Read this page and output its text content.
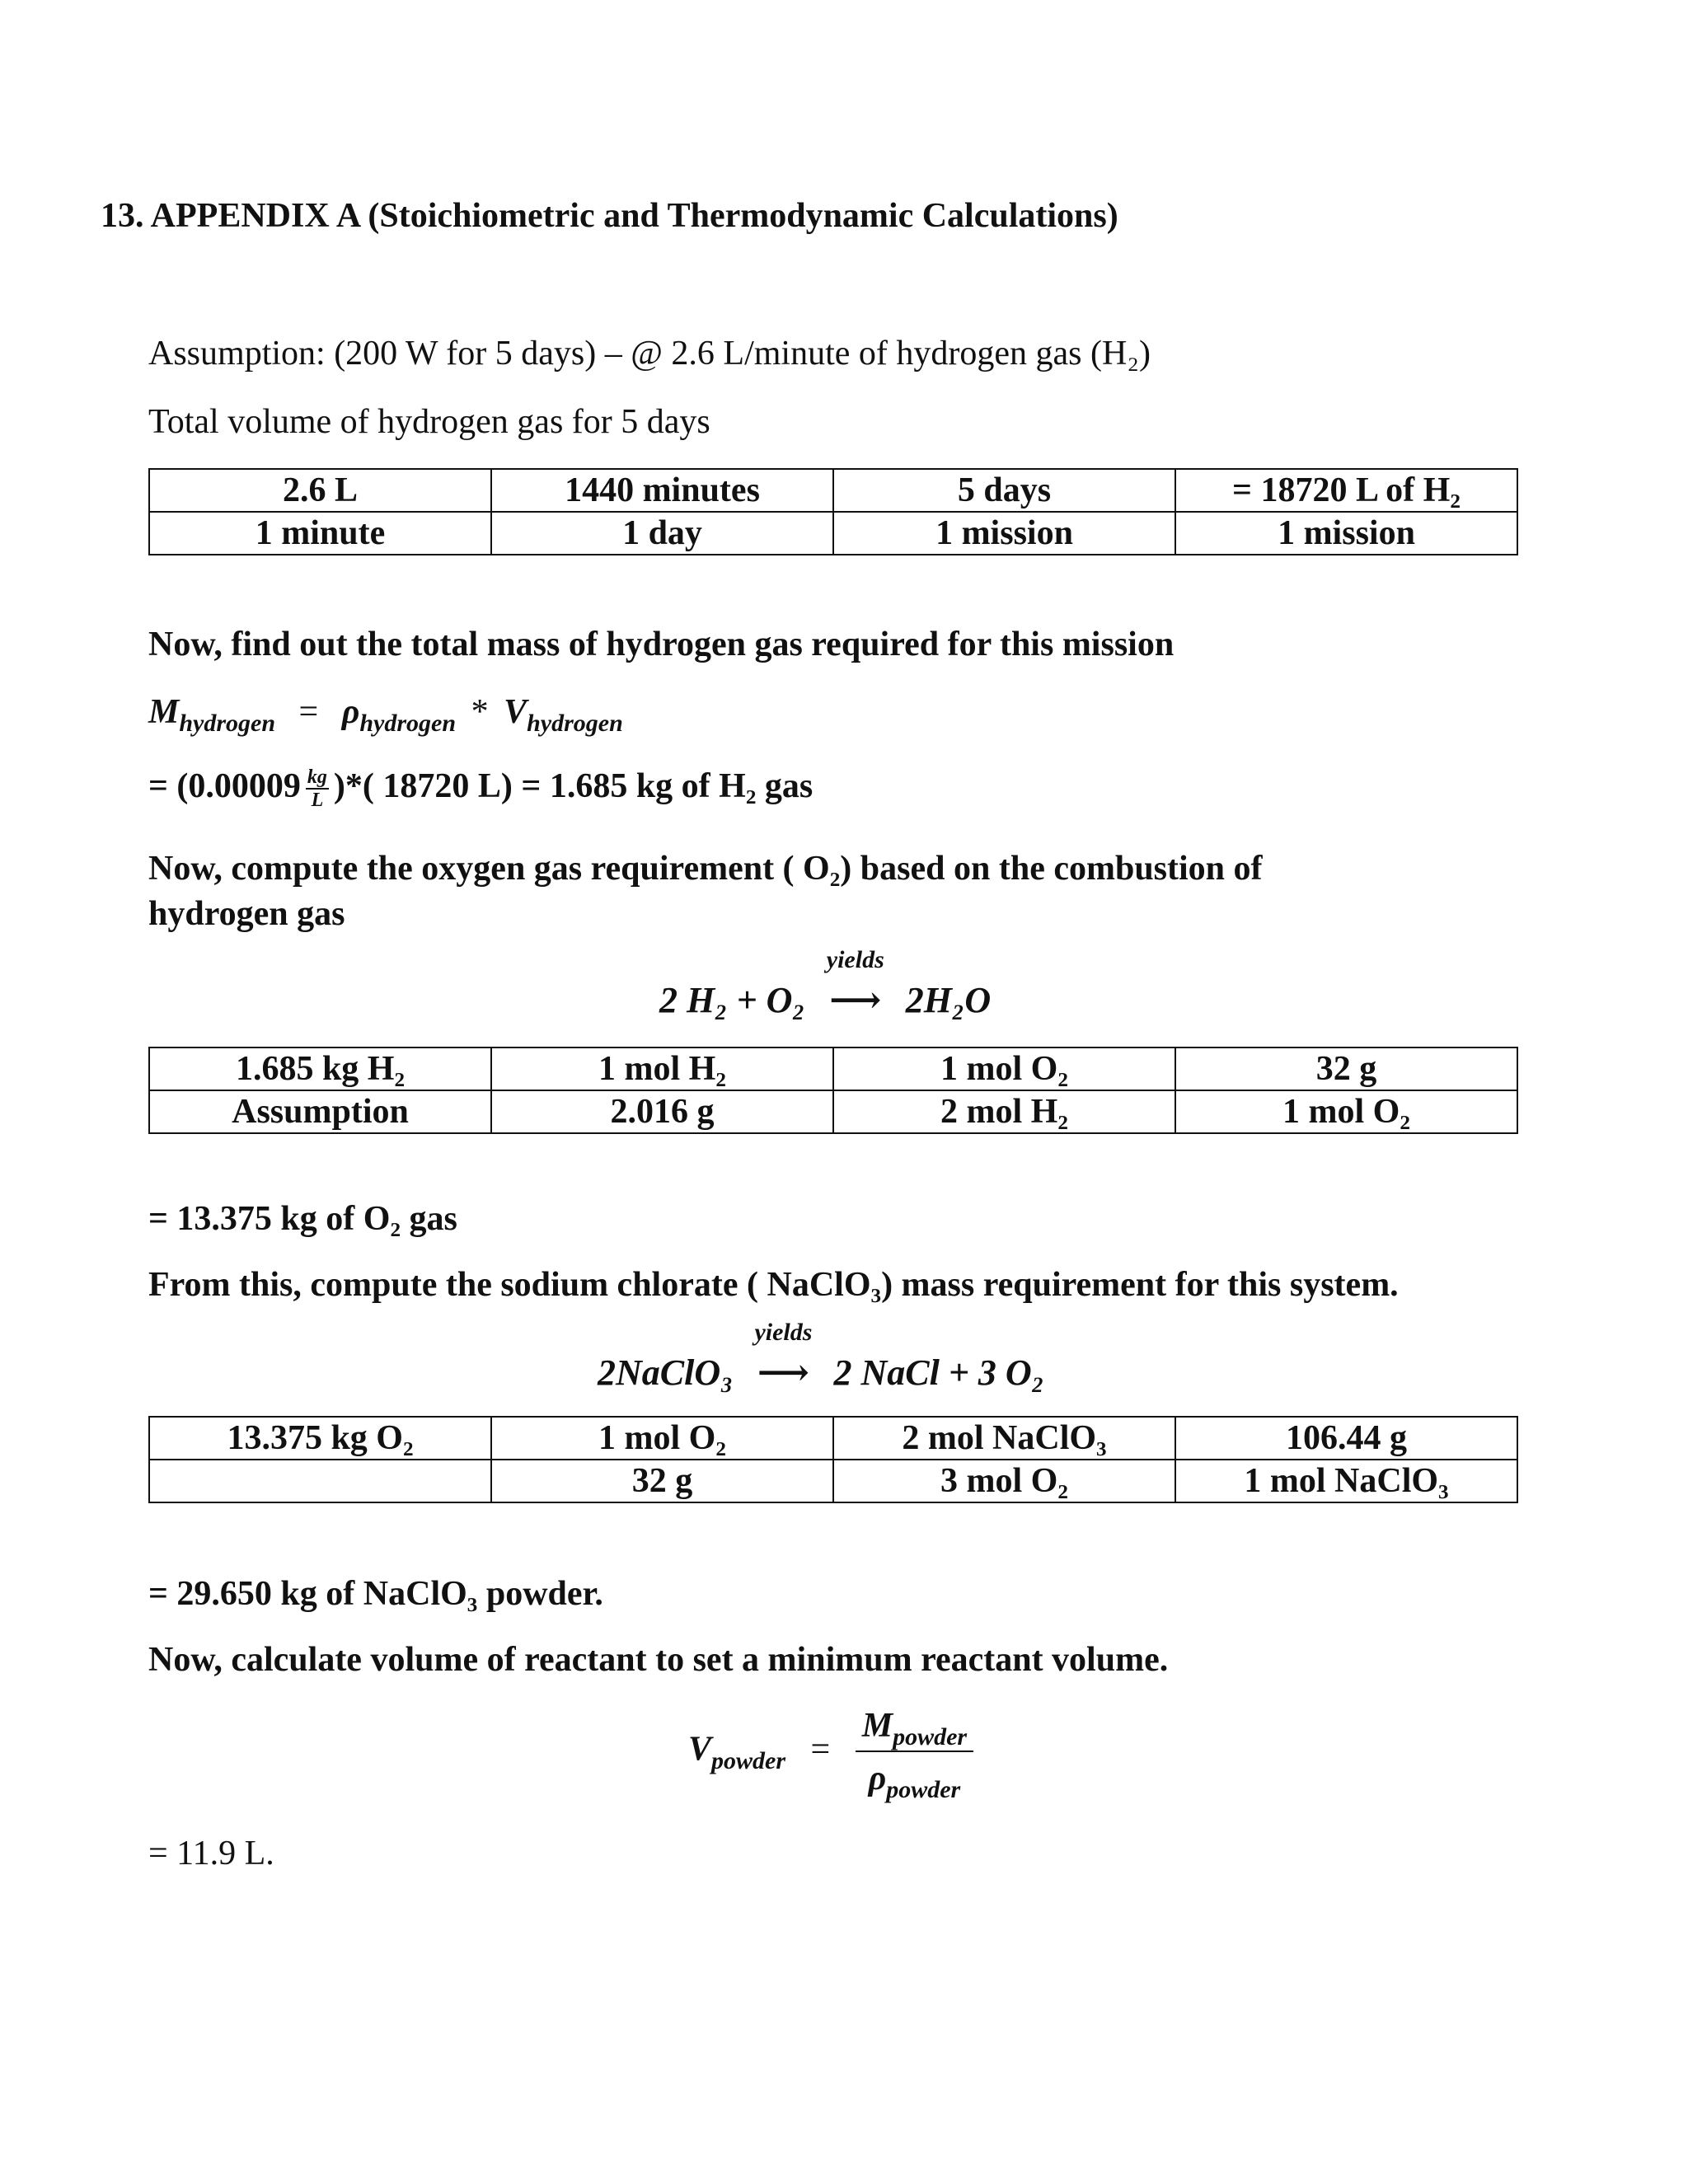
13. APPENDIX A (Stoichiometric and Thermodynamic Calculations)
Assumption: (200 W for 5 days) – @ 2.6 L/minute of hydrogen gas (H₂)
Total volume of hydrogen gas for 5 days
2.6 L	1440 minutes	5 days	= 18720 L of H₂
1 minute	1 day	1 mission	1 mission
Now, find out the total mass of hydrogen gas required for this mission
$M_{hydrogen} = \rho_{hydrogen} * V_{hydrogen}$
= ($0.00009 \frac{kg}{L}$ )*( 18720 L) = 1.685 kg of H₂ gas
Now, compute the oxygen gas requirement ( O₂) based on the combustion of
hydrogen gas
2 H₂ + O₂
yields
⟶ 2H₂O
1.685 kg H₂	1 mol H₂	1 mol O₂	32 g
Assumption	2.016 g	2 mol H₂	1 mol O₂
= 13.375 kg of O₂ gas
From this, compute the sodium chlorate ( NaClO₃) mass requirement for this system.
2NaClO₃
yields
⟶ 2 NaCl + 3 O₂
13.375 kg O₂	1 mol O₂	2 mol NaClO₃	106.44 g
	32 g	3 mol O₂	1 mol NaClO₃
= 29.650 kg of NaClO₃ powder.
Now, calculate volume of reactant to set a minimum reactant volume.
$V_{powder} = \frac{M_{powder}}{\rho_{powder}}$
= 11.9 L.
